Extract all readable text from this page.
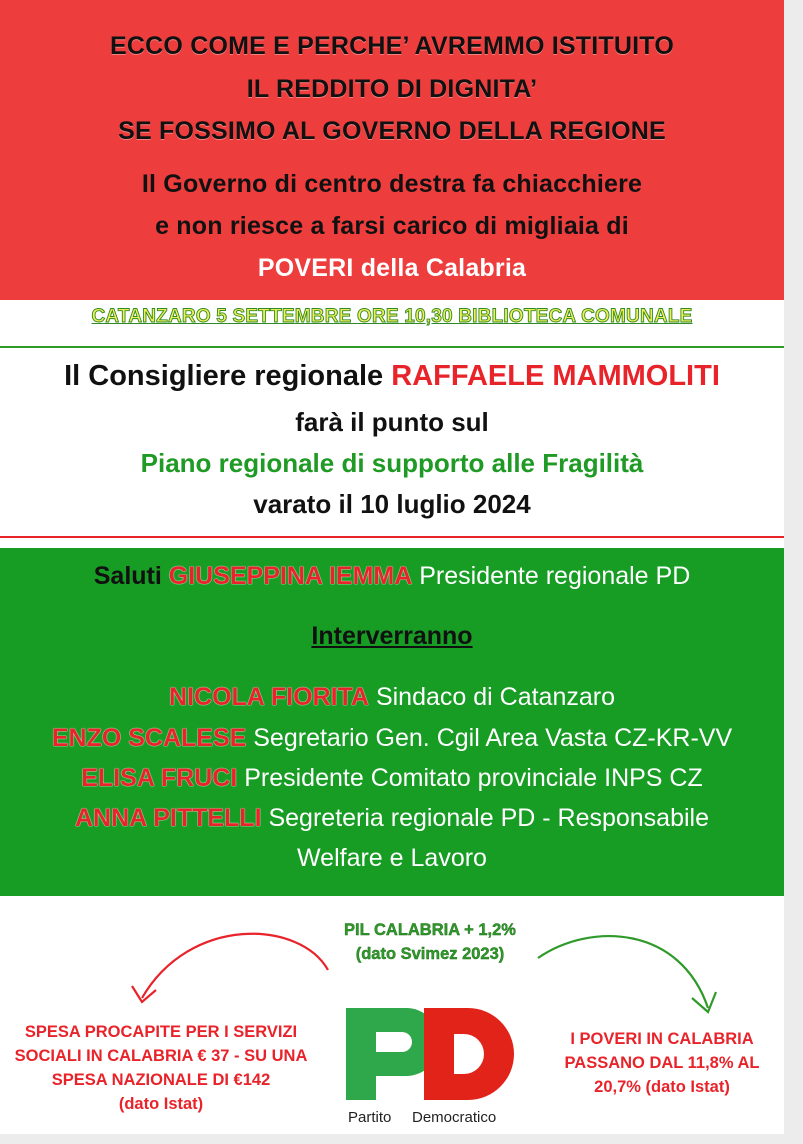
ECCO COME E PERCHE’ AVREMMO ISTITUITO
IL REDDITO DI DIGNITA’
SE FOSSIMO AL GOVERNO DELLA REGIONE
Il Governo di centro destra fa chiacchiere
e non riesce a farsi carico di migliaia di
POVERI della Calabria
CATANZARO 5 SETTEMBRE ORE 10,30 BIBLIOTECA COMUNALE
Il Consigliere regionale RAFFAELE MAMMOLITI
farà il punto sul
Piano regionale di supporto alle Fragilità
varato il 10 luglio 2024
Saluti GIUSEPPINA IEMMA Presidente regionale PD
Interverranno
NICOLA FIORITA Sindaco di Catanzaro
ENZO SCALESE Segretario Gen. Cgil Area Vasta CZ-KR-VV
ELISA FRUCI Presidente Comitato provinciale INPS CZ
ANNA PITTELLI Segreteria regionale PD - Responsabile
Welfare e Lavoro
PIL CALABRIA + 1,2%
(dato Svimez 2023)
SPESA PROCAPITE PER I SERVIZI
SOCIALI IN CALABRIA € 37 - SU UNA
SPESA NAZIONALE DI €142
(dato Istat)
I POVERI IN CALABRIA
PASSANO DAL 11,8% AL
20,7% (dato Istat)
Partito Democratico
